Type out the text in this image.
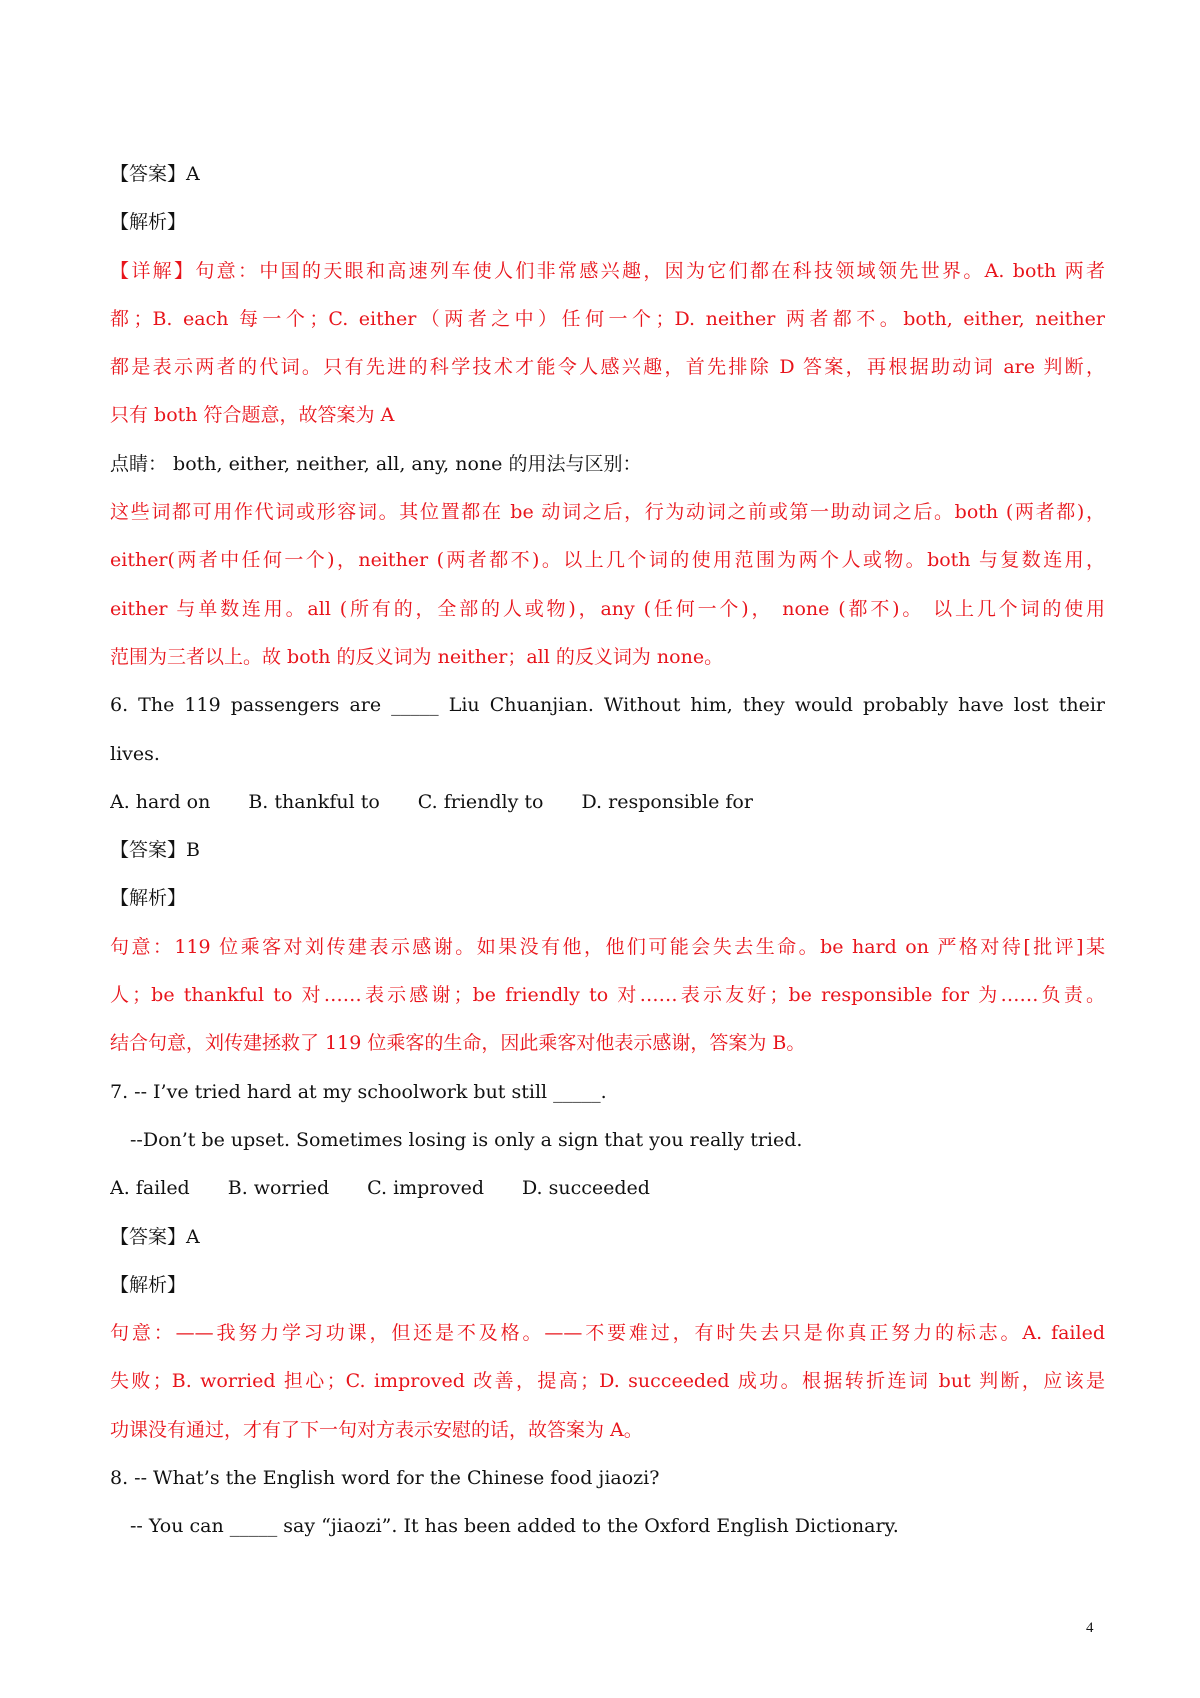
【答案】A
【解析】
【详解】句意：中国的天眼和高速列车使人们非常感兴趣，因为它们都在科技领域领先世界。A. both 两者
都；B. each 每一个；C. either（两者之中）任何一个；D. neither 两者都不。both, either, neither
都是表示两者的代词。只有先进的科学技术才能令人感兴趣，首先排除 D 答案，再根据助动词 are 判断，
只有 both 符合题意，故答案为 A
点睛： both, either, neither, all, any, none 的用法与区别：
这些词都可用作代词或形容词。其位置都在 be 动词之后，行为动词之前或第一助动词之后。both (两者都)，
either(两者中任何一个)，neither (两者都不)。以上几个词的使用范围为两个人或物。both 与复数连用，
either 与单数连用。all (所有的，全部的人或物)，any (任何一个)， none (都不)。 以上几个词的使用
范围为三者以上。故 both 的反义词为 neither；all 的反义词为 none。
6. The 119 passengers are _____ Liu Chuanjian. Without him, they would probably have lost their
lives.
A. hard on B. thankful to C. friendly to D. responsible for
【答案】B
【解析】
句意：119 位乘客对刘传建表示感谢。如果没有他，他们可能会失去生命。be hard on 严格对待[批评]某
人；be thankful to 对……表示感谢；be friendly to 对……表示友好；be responsible for 为……负责。
结合句意，刘传建拯救了 119 位乘客的生命，因此乘客对他表示感谢，答案为 B。
7. -- I’ve tried hard at my schoolwork but still _____.
--Don’t be upset. Sometimes losing is only a sign that you really tried.
A. failed B. worried C. improved D. succeeded
【答案】A
【解析】
句意：——我努力学习功课，但还是不及格。——不要难过，有时失去只是你真正努力的标志。A. failed
失败；B. worried 担心；C. improved 改善，提高；D. succeeded 成功。根据转折连词 but 判断，应该是
功课没有通过，才有了下一句对方表示安慰的话，故答案为 A。
8. -- What’s the English word for the Chinese food jiaozi?
-- You can _____ say “jiaozi”. It has been added to the Oxford English Dictionary.
4
